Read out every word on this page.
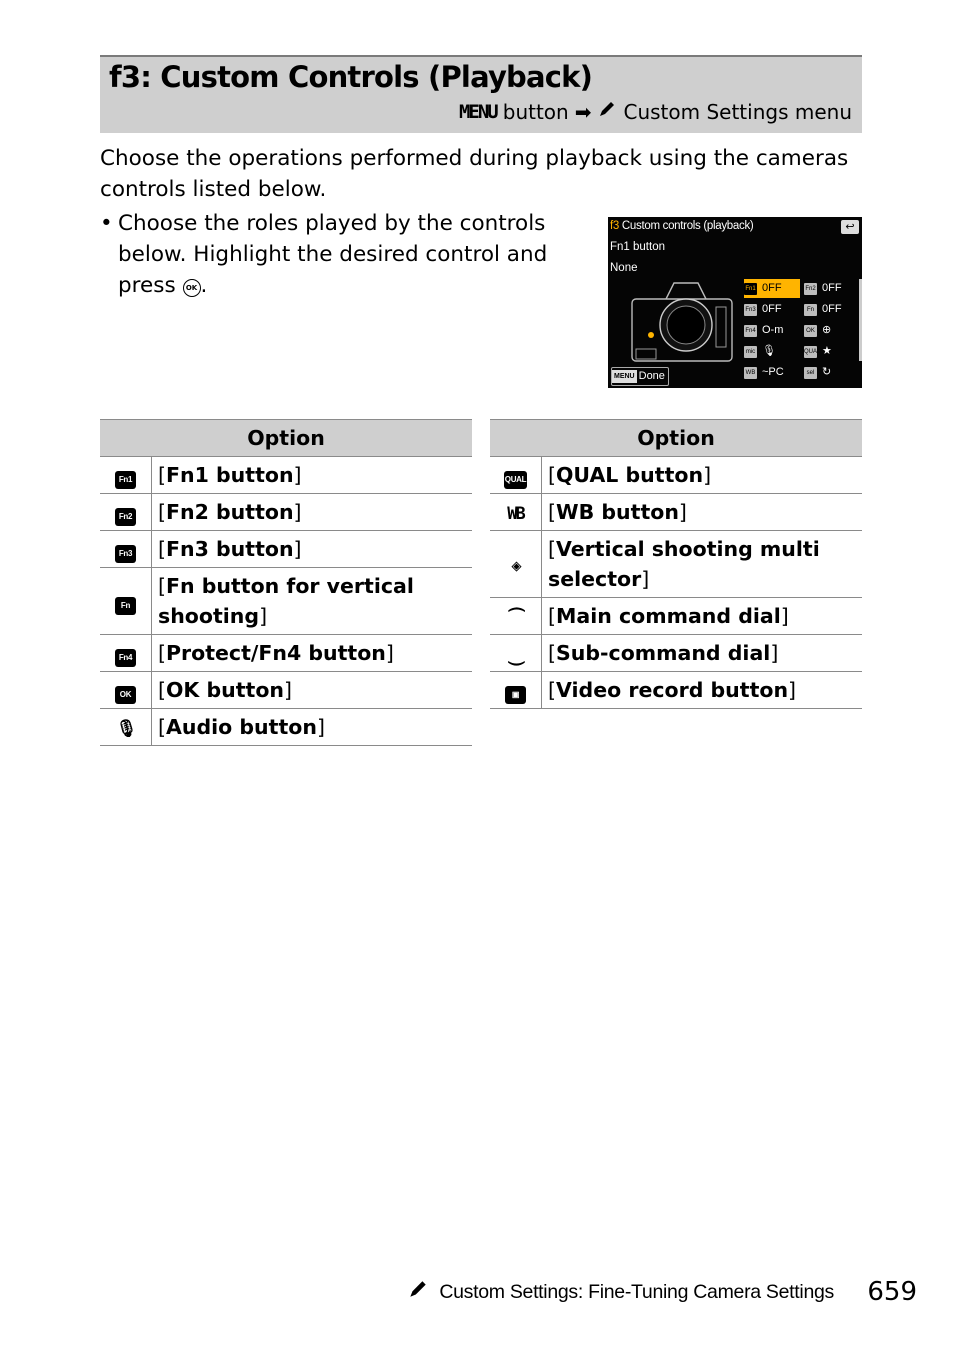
f3: Custom Controls (Playback)
MENU button ➡ Custom Settings menu
Choose the operations performed during playback using the cameras controls listed below.
• Choose the roles played by the controls below. Highlight the desired control and press OK .
f3 Custom controls (playback)	↩
Fn1 button
None
Fn1 0FF	Fn2 0FF
Fn3 0FF	Fn 0FF
Fn4 O-m	OK ⊕
mic 🎙	QUAL ★
WB ~PC	sel ↻
MENU Done
Option	
Fn1	[Fn1 button]
Fn2	[Fn2 button]
Fn3	[Fn3 button]
Fn	[Fn button for vertical shooting]
Fn4	[Protect/Fn4 button]
OK	[OK button]
🎙	[Audio button]
Option	
QUAL	[QUAL button]
WB	[WB button]
◈	[Vertical shooting multi selector]
⏜	[Main command dial]
⏝	[Sub-command dial]
▣	[Video record button]
Custom Settings: Fine-Tuning Camera Settings 659
